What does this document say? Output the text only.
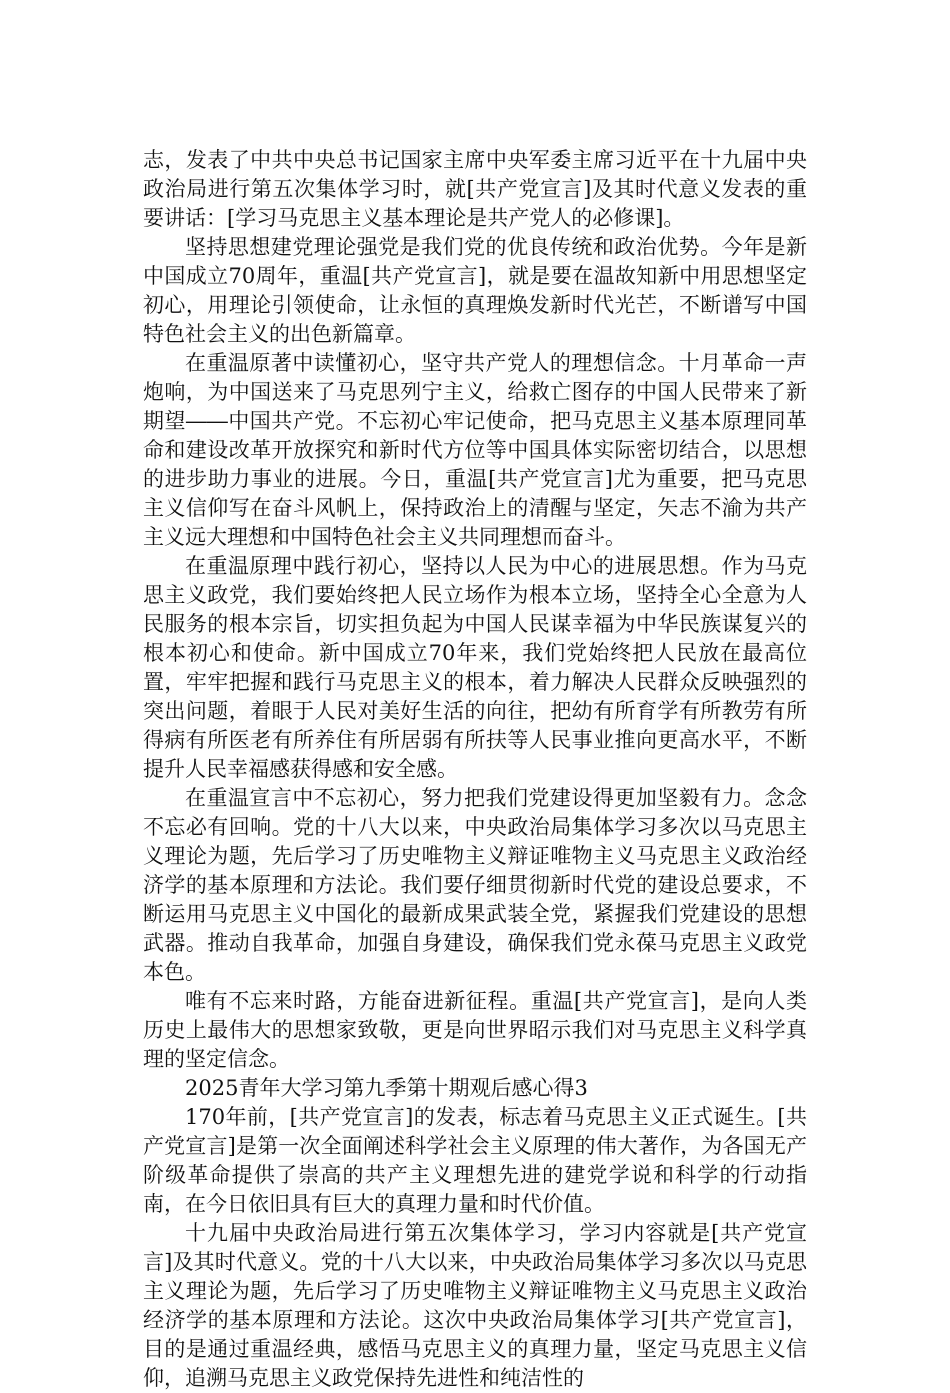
志，发表了中共中央总书记国家主席中央军委主席习近平在十九届中央政治局进行第五次集体学习时，就[共产党宣言]及其时代意义发表的重要讲话：[学习马克思主义基本理论是共产党人的必修课]。

坚持思想建党理论强党是我们党的优良传统和政治优势。今年是新中国成立70周年，重温[共产党宣言]，就是要在温故知新中用思想坚定初心，用理论引领使命，让永恒的真理焕发新时代光芒，不断谱写中国特色社会主义的出色新篇章。

在重温原著中读懂初心，坚守共产党人的理想信念。十月革命一声炮响，为中国送来了马克思列宁主义，给救亡图存的中国人民带来了新期望――中国共产党。不忘初心牢记使命，把马克思主义基本原理同革命和建设改革开放探究和新时代方位等中国具体实际密切结合，以思想的进步助力事业的进展。今日，重温[共产党宣言]尤为重要，把马克思主义信仰写在奋斗风帆上，保持政治上的清醒与坚定，矢志不渝为共产主义远大理想和中国特色社会主义共同理想而奋斗。

在重温原理中践行初心，坚持以人民为中心的进展思想。作为马克思主义政党，我们要始终把人民立场作为根本立场，坚持全心全意为人民服务的根本宗旨，切实担负起为中国人民谋幸福为中华民族谋复兴的根本初心和使命。新中国成立70年来，我们党始终把人民放在最高位置，牢牢把握和践行马克思主义的根本，着力解决人民群众反映强烈的突出问题，着眼于人民对美好生活的向往，把幼有所育学有所教劳有所得病有所医老有所养住有所居弱有所扶等人民事业推向更高水平，不断提升人民幸福感获得感和安全感。

在重温宣言中不忘初心，努力把我们党建设得更加坚毅有力。念念不忘必有回响。党的十八大以来，中央政治局集体学习多次以马克思主义理论为题，先后学习了历史唯物主义辩证唯物主义马克思主义政治经济学的基本原理和方法论。我们要仔细贯彻新时代党的建设总要求，不断运用马克思主义中国化的最新成果武装全党，紧握我们党建设的思想武器。推动自我革命，加强自身建设，确保我们党永葆马克思主义政党本色。

唯有不忘来时路，方能奋进新征程。重温[共产党宣言]，是向人类历史上最伟大的思想家致敬，更是向世界昭示我们对马克思主义科学真理的坚定信念。

2025青年大学习第九季第十期观后感心得3

170年前，[共产党宣言]的发表，标志着马克思主义正式诞生。[共产党宣言]是第一次全面阐述科学社会主义原理的伟大著作，为各国无产阶级革命提供了崇高的共产主义理想先进的建党学说和科学的行动指南，在今日依旧具有巨大的真理力量和时代价值。

十九届中央政治局进行第五次集体学习，学习内容就是[共产党宣言]及其时代意义。党的十八大以来，中央政治局集体学习多次以马克思主义理论为题，先后学习了历史唯物主义辩证唯物主义马克思主义政治经济学的基本原理和方法论。这次中央政治局集体学习[共产党宣言]，目的是通过重温经典，感悟马克思主义的真理力量，坚定马克思主义信仰，追溯马克思主义政党保持先进性和纯洁性的
